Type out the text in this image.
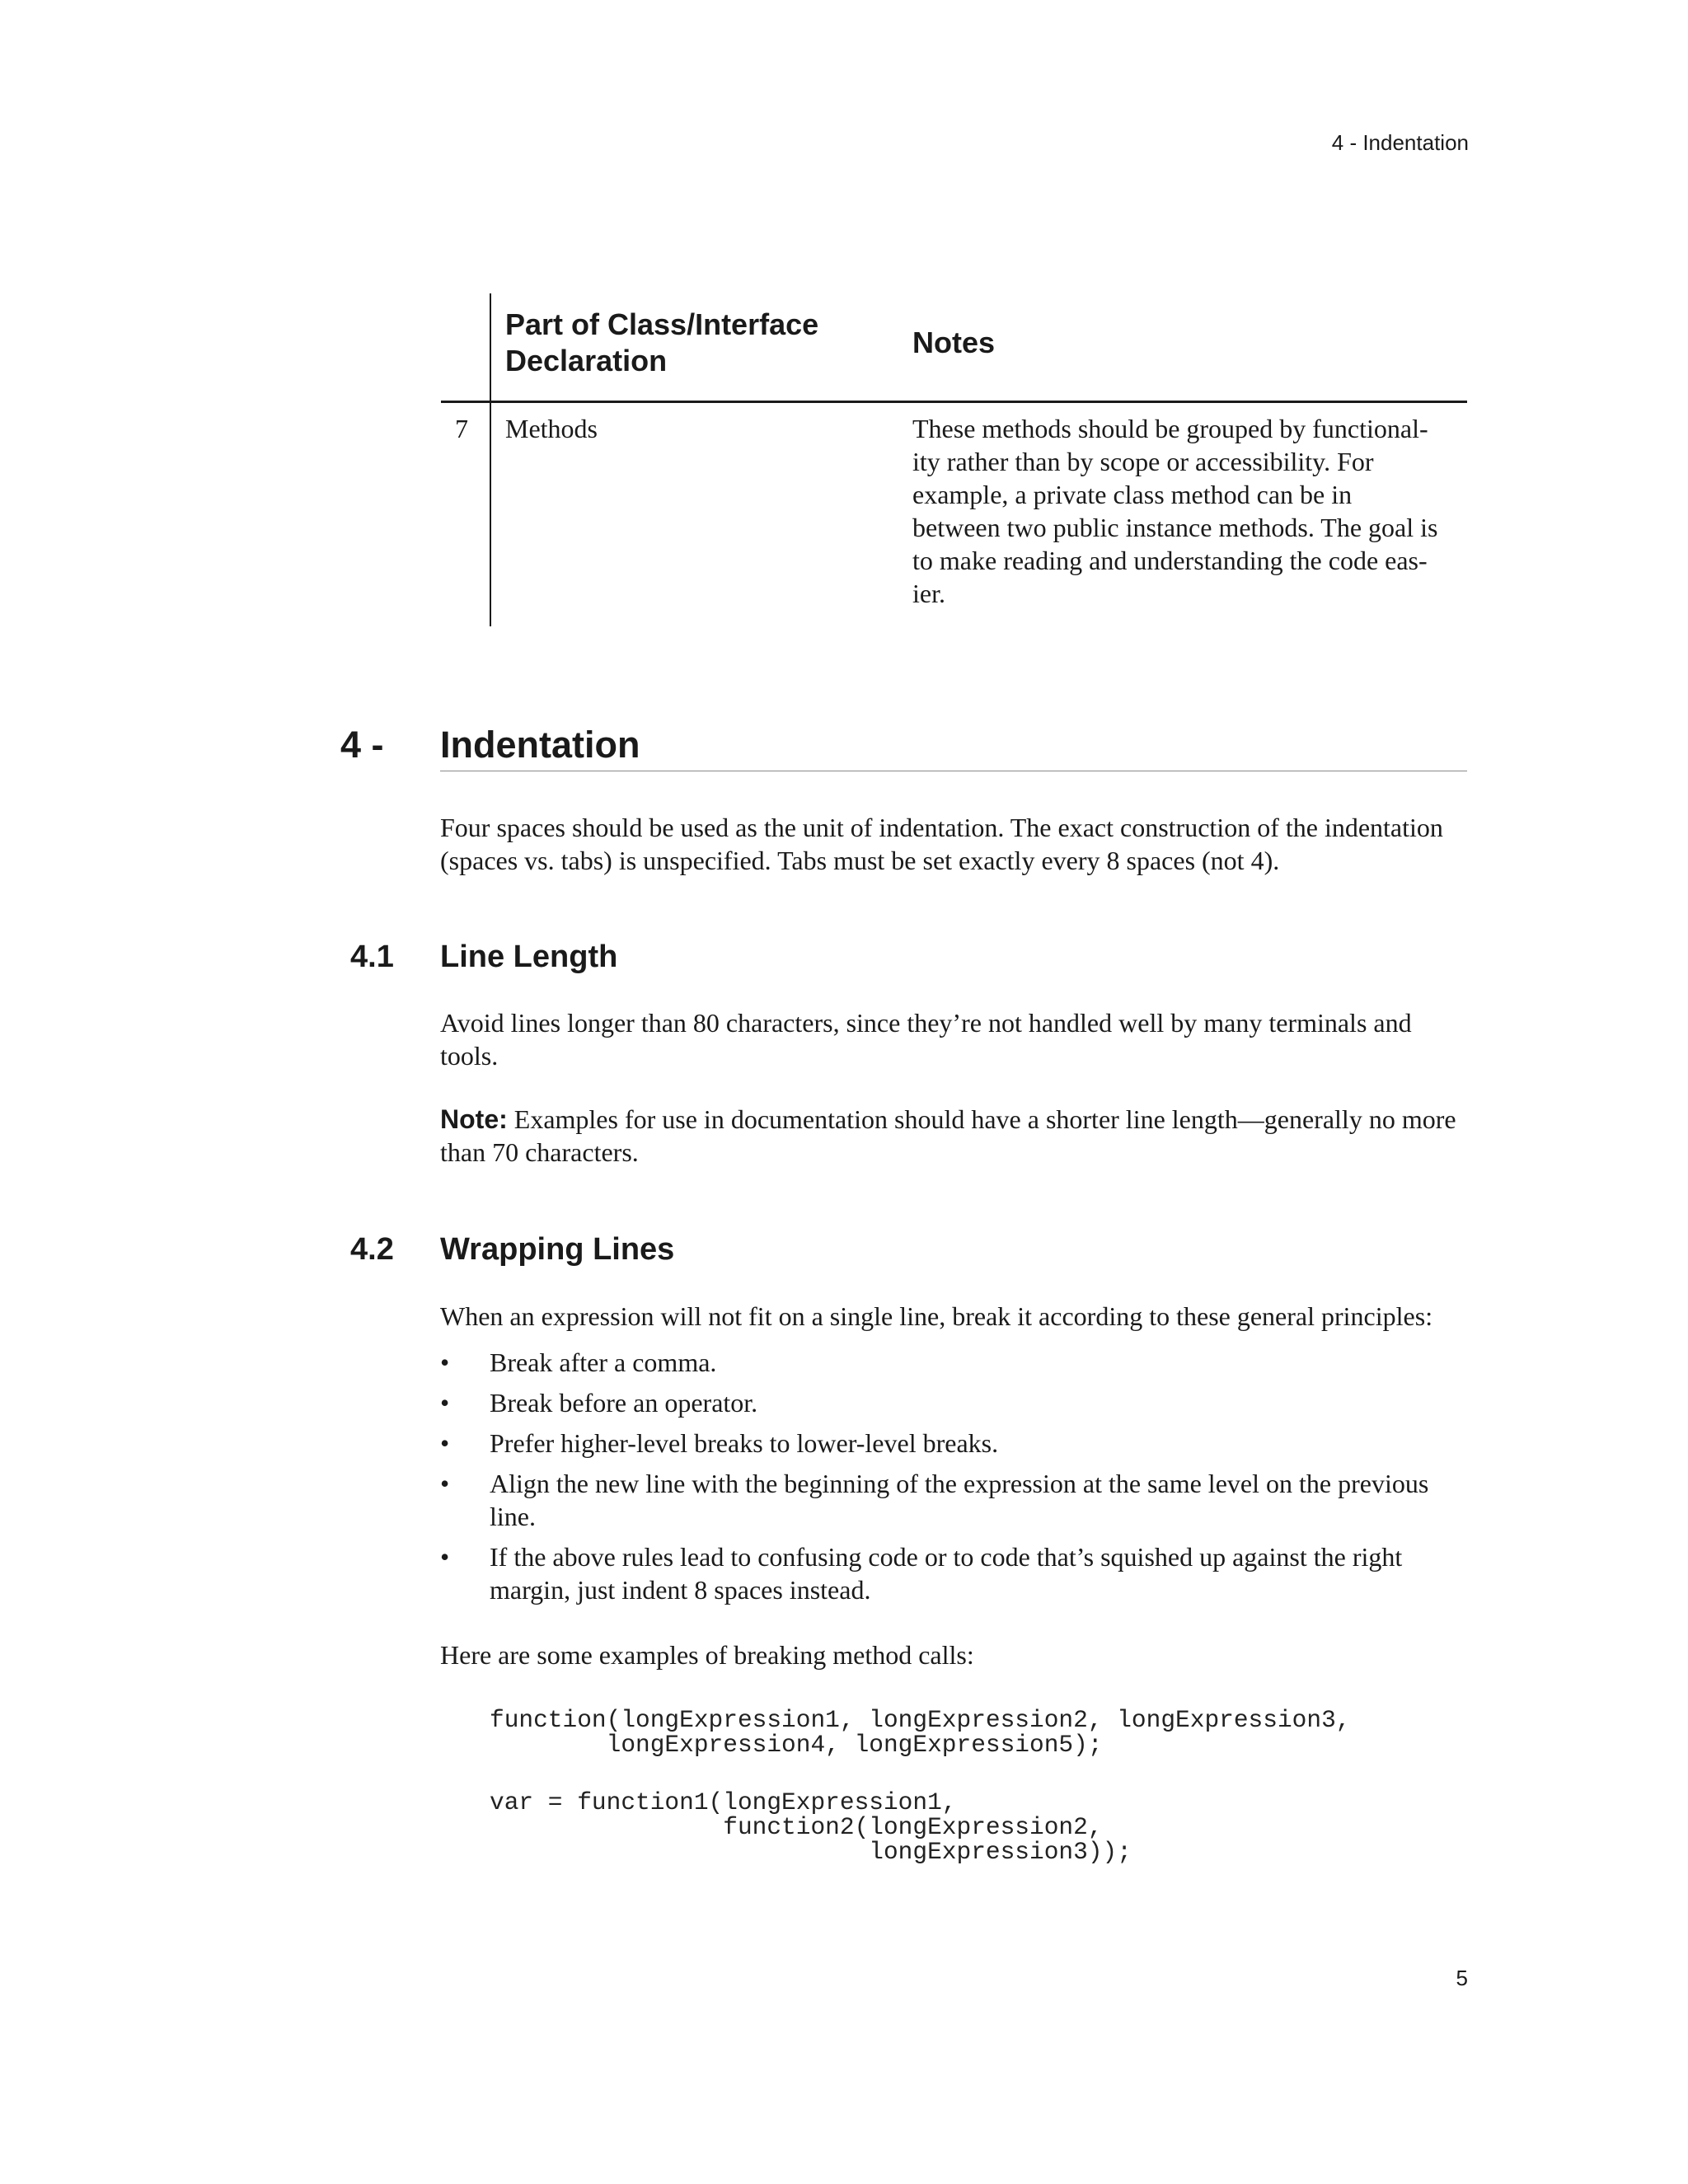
4 - Indentation
Part of Class/Interface Declaration
Notes
7 Methods	These methods should be grouped by functional-
ity rather than by scope or accessibility. For
example, a private class method can be in
between two public instance methods. The goal is
to make reading and understanding the code eas-
ier.
4 - Indentation
Four spaces should be used as the unit of indentation. The exact construction of the indentation (spaces vs. tabs) is unspecified. Tabs must be set exactly every 8 spaces (not 4).
4.1 Line Length
Avoid lines longer than 80 characters, since they’re not handled well by many terminals and tools.
Note: Examples for use in documentation should have a shorter line length—generally no more than 70 characters.
4.2 Wrapping Lines
When an expression will not fit on a single line, break it according to these general principles:
• Break after a comma.
• Break before an operator.
• Prefer higher-level breaks to lower-level breaks.
• Align the new line with the beginning of the expression at the same level on the previous line.
• If the above rules lead to confusing code or to code that’s squished up against the right margin, just indent 8 spaces instead.
Here are some examples of breaking method calls:
function(longExpression1, longExpression2, longExpression3,
longExpression4, longExpression5);
var = function1(longExpression1,
function2(longExpression2,
longExpression3));
5
